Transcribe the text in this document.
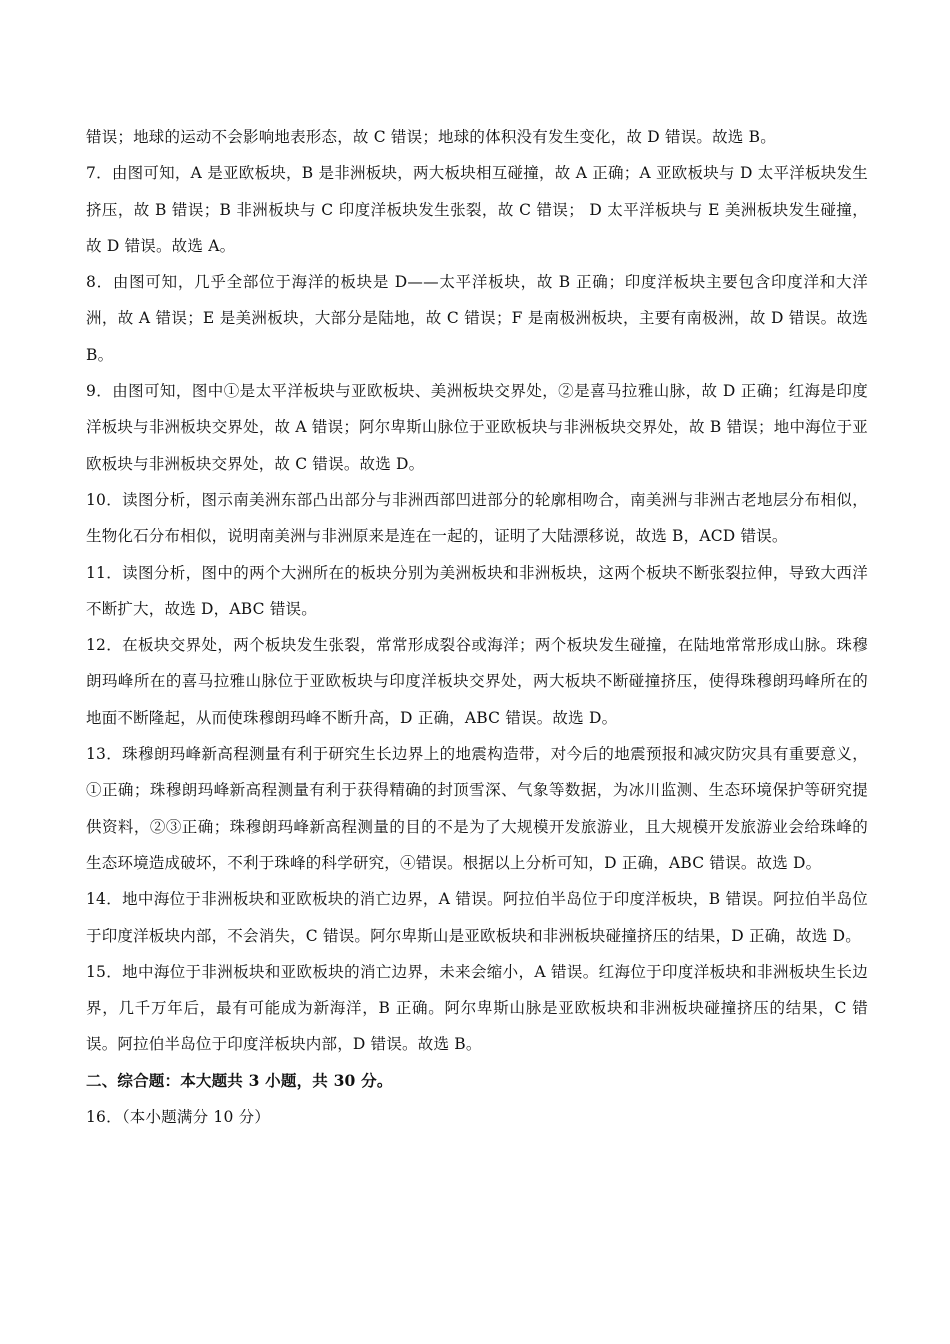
错误；地球的运动不会影响地表形态，故 C 错误；地球的体积没有发生变化，故 D 错误。故选 B。

7．由图可知，A 是亚欧板块，B 是非洲板块，两大板块相互碰撞，故 A 正确；A 亚欧板块与 D 太平洋板块发生挤压，故 B 错误；B 非洲板块与 C 印度洋板块发生张裂，故 C 错误； D 太平洋板块与 E 美洲板块发生碰撞，故 D 错误。故选 A。

8．由图可知，几乎全部位于海洋的板块是 D——太平洋板块，故 B 正确；印度洋板块主要包含印度洋和大洋洲，故 A 错误；E 是美洲板块，大部分是陆地，故 C 错误；F 是南极洲板块，主要有南极洲，故 D 错误。故选 B。

9．由图可知，图中①是太平洋板块与亚欧板块、美洲板块交界处，②是喜马拉雅山脉，故 D 正确；红海是印度洋板块与非洲板块交界处，故 A 错误；阿尔卑斯山脉位于亚欧板块与非洲板块交界处，故 B 错误；地中海位于亚欧板块与非洲板块交界处，故 C 错误。故选 D。

10．读图分析，图示南美洲东部凸出部分与非洲西部凹进部分的轮廓相吻合，南美洲与非洲古老地层分布相似，生物化石分布相似，说明南美洲与非洲原来是连在一起的，证明了大陆漂移说，故选 B，ACD 错误。

11．读图分析，图中的两个大洲所在的板块分别为美洲板块和非洲板块，这两个板块不断张裂拉伸，导致大西洋不断扩大，故选 D，ABC 错误。

12．在板块交界处，两个板块发生张裂，常常形成裂谷或海洋；两个板块发生碰撞，在陆地常常形成山脉。珠穆朗玛峰所在的喜马拉雅山脉位于亚欧板块与印度洋板块交界处，两大板块不断碰撞挤压，使得珠穆朗玛峰所在的地面不断隆起，从而使珠穆朗玛峰不断升高，D 正确，ABC 错误。故选 D。

13．珠穆朗玛峰新高程测量有利于研究生长边界上的地震构造带，对今后的地震预报和减灾防灾具有重要意义，①正确；珠穆朗玛峰新高程测量有利于获得精确的封顶雪深、气象等数据，为冰川监测、生态环境保护等研究提供资料，②③正确；珠穆朗玛峰新高程测量的目的不是为了大规模开发旅游业，且大规模开发旅游业会给珠峰的生态环境造成破坏，不利于珠峰的科学研究，④错误。根据以上分析可知，D 正确，ABC 错误。故选 D。

14．地中海位于非洲板块和亚欧板块的消亡边界，A 错误。阿拉伯半岛位于印度洋板块，B 错误。阿拉伯半岛位于印度洋板块内部，不会消失，C 错误。阿尔卑斯山是亚欧板块和非洲板块碰撞挤压的结果，D 正确，故选 D。

15．地中海位于非洲板块和亚欧板块的消亡边界，未来会缩小，A 错误。红海位于印度洋板块和非洲板块生长边界，几千万年后，最有可能成为新海洋，B 正确。阿尔卑斯山脉是亚欧板块和非洲板块碰撞挤压的结果，C 错误。阿拉伯半岛位于印度洋板块内部，D 错误。故选 B。

二、综合题：本大题共 3 小题，共 30 分。

16．（本小题满分 10 分）
